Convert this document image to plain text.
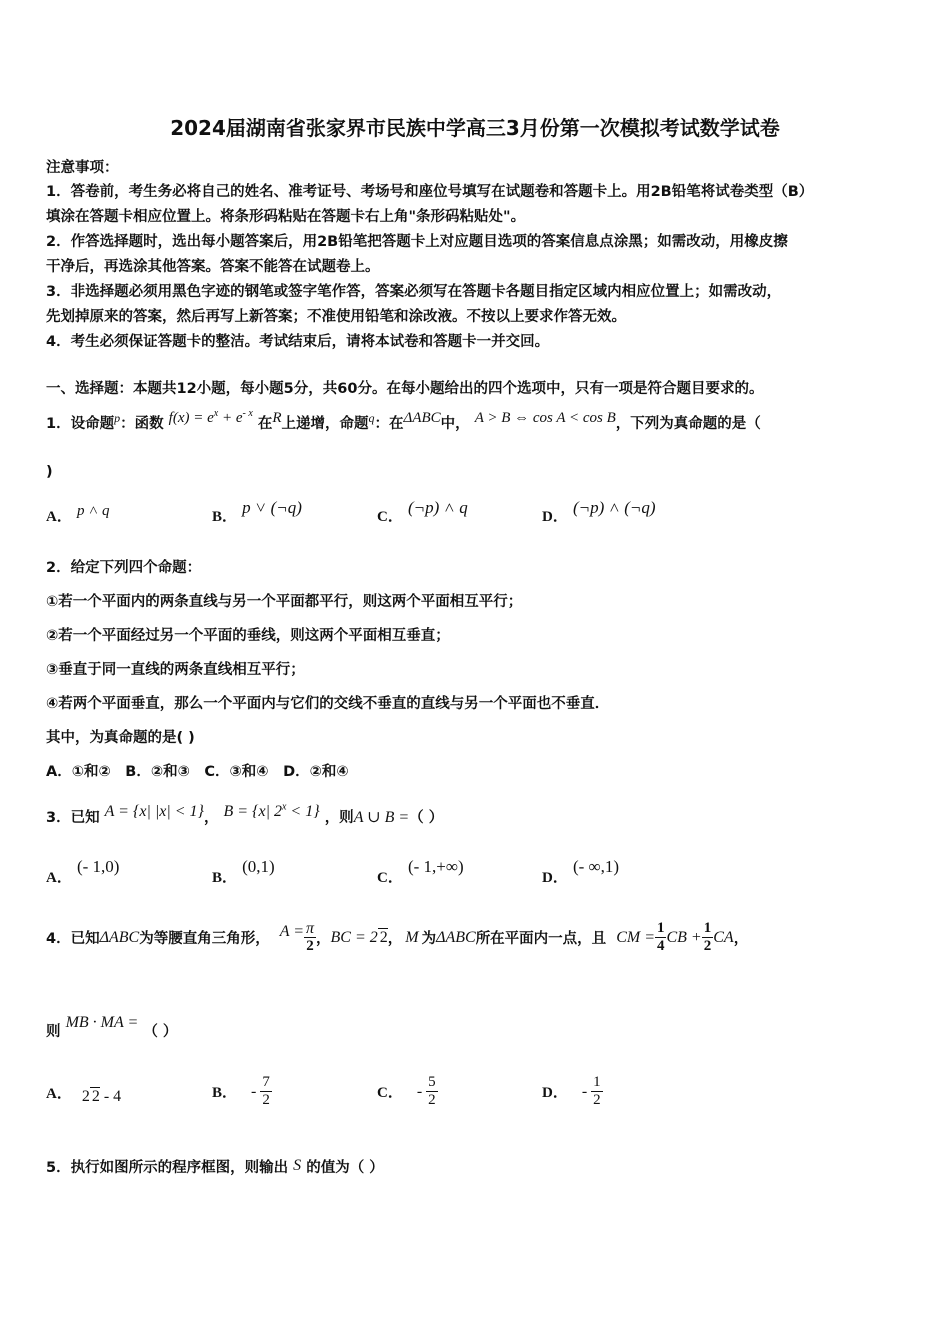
2024届湖南省张家界市民族中学高三3月份第一次模拟考试数学试卷
注意事项：
1．答卷前，考生务必将自己的姓名、准考证号、考场号和座位号填写在试题卷和答题卡上。用2B铅笔将试卷类型（B）
填涂在答题卡相应位置上。将条形码粘贴在答题卡右上角"条形码粘贴处"。
2．作答选择题时，选出每小题答案后，用2B铅笔把答题卡上对应题目选项的答案信息点涂黑；如需改动，用橡皮擦
干净后，再选涂其他答案。答案不能答在试题卷上。
3．非选择题必须用黑色字迹的钢笔或签字笔作答，答案必须写在答题卡各题目指定区域内相应位置上；如需改动，
先划掉原来的答案，然后再写上新答案；不准使用铅笔和涂改液。不按以上要求作答无效。
4．考生必须保证答题卡的整洁。考试结束后，请将本试卷和答题卡一并交回。
一、选择题：本题共12小题，每小题5分，共60分。在每小题给出的四个选项中，只有一项是符合题目要求的。
1．设命题$^p$：函数 $^{f(x) = e^x + e^{- x}}$ 在$^R$上递增，命题$^q$：在$^{\Delta ABC}$中， $^{A > B \Leftrightarrow cos A < cos B}$，下列为真命题的是（
)
A． p ˄ q	B． p ˅ (¬q)	C． (¬p) ˄ q	D． (¬p) ˄ (¬q)
2．给定下列四个命题：
①若一个平面内的两条直线与另一个平面都平行，则这两个平面相互平行；
②若一个平面经过另一个平面的垂线，则这两个平面相互垂直；
③垂直于同一直线的两条直线相互平行；
④若两个平面垂直，那么一个平面内与它们的交线不垂直的直线与另一个平面也不垂直．
其中，为真命题的是( )
A．①和②　B．②和③　C．③和④　D．②和④
3．已知 A = {x| |x| < 1}， B = {x| $2^x < 1$} ，则A ∪ B =（ ）
A． (- 1,0)
B． (0,1)
C． (- 1,+∞)
D． (- ∞,1)
4．已知 ΔABC 为等腰直角三角形， $A = \frac{\pi}{2}$ ， BC = 2 2 ， M 为 ΔABC 所在平面内一点，且 CM = $\frac{1}{4}$ CB + $\frac{1}{2}$ CA ，
则 MB · MA = （ ）
A． 2 2 - 4	B． - $\frac{7}{2}$	C． - $\frac{5}{2}$	D． - $\frac{1}{2}$
5．执行如图所示的程序框图，则输出 S 的值为（ ）
